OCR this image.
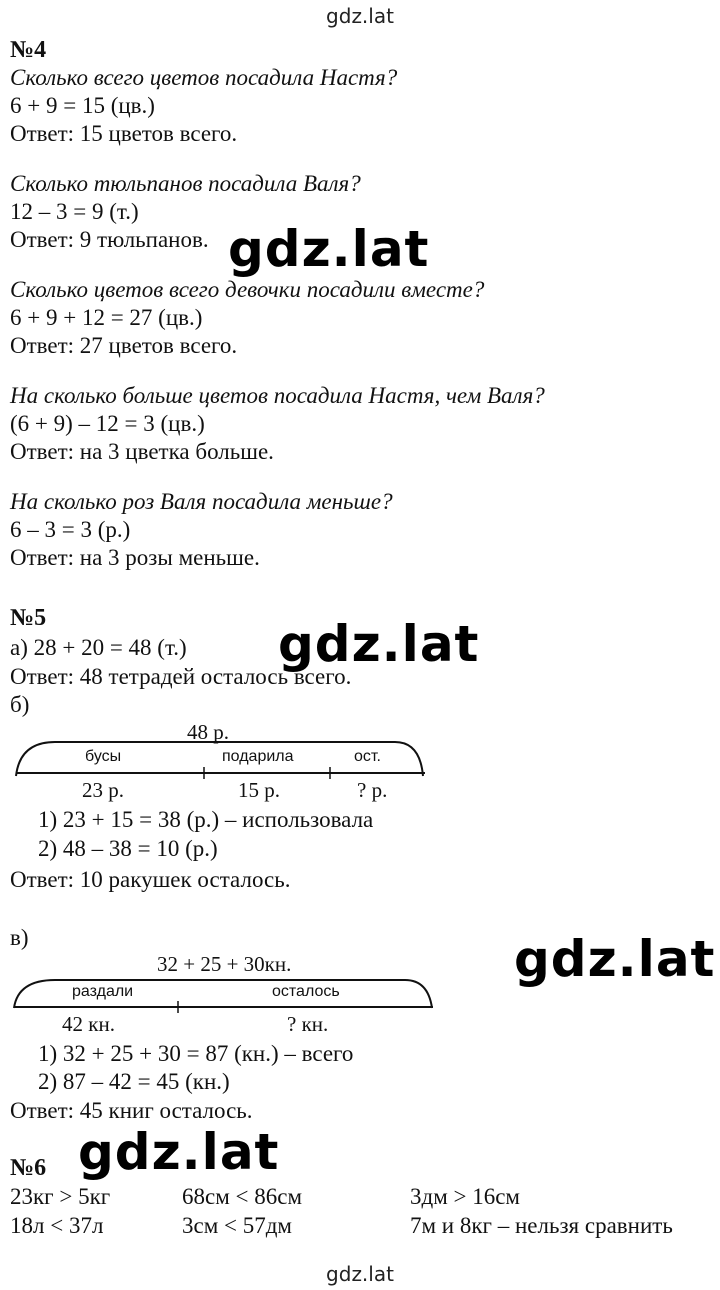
gdz.lat
№4
Сколько всего цветов посадила Настя?
6 + 9 = 15 (цв.)
Ответ: 15 цветов всего.
Сколько тюльпанов посадила Валя?
12 – 3 = 9 (т.)
Ответ: 9 тюльпанов.
Сколько цветов всего девочки посадили вместе?
6 + 9 + 12 = 27 (цв.)
Ответ: 27 цветов всего.
На сколько больше цветов посадила Настя, чем Валя?
(6 + 9) – 12 = 3 (цв.)
Ответ: на 3 цветка больше.
На сколько роз Валя посадила меньше?
6 – 3 = 3 (р.)
Ответ: на 3 розы меньше.
№5
а) 28 + 20 = 48 (т.)
Ответ: 48 тетрадей осталось всего.
б)
48 р.
бусы	подарила	ост.
23 р.	15 р.	? р.
1) 23 + 15 = 38 (р.) – использовала
2) 48 – 38 = 10 (р.)
Ответ: 10 ракушек осталось.
в)
32 + 25 + 30кн.
раздали	осталось
42 кн.	? кн.
1) 32 + 25 + 30 = 87 (кн.) – всего
2) 87 – 42 = 45 (кн.)
Ответ: 45 книг осталось.
№6
23кг > 5кг	68см < 86см	3дм > 16см
18л < 37л	3см < 57дм	7м и 8кг – нельзя сравнить
gdz.lat
gdz.lat
gdz.lat
gdz.lat
gdz.lat
